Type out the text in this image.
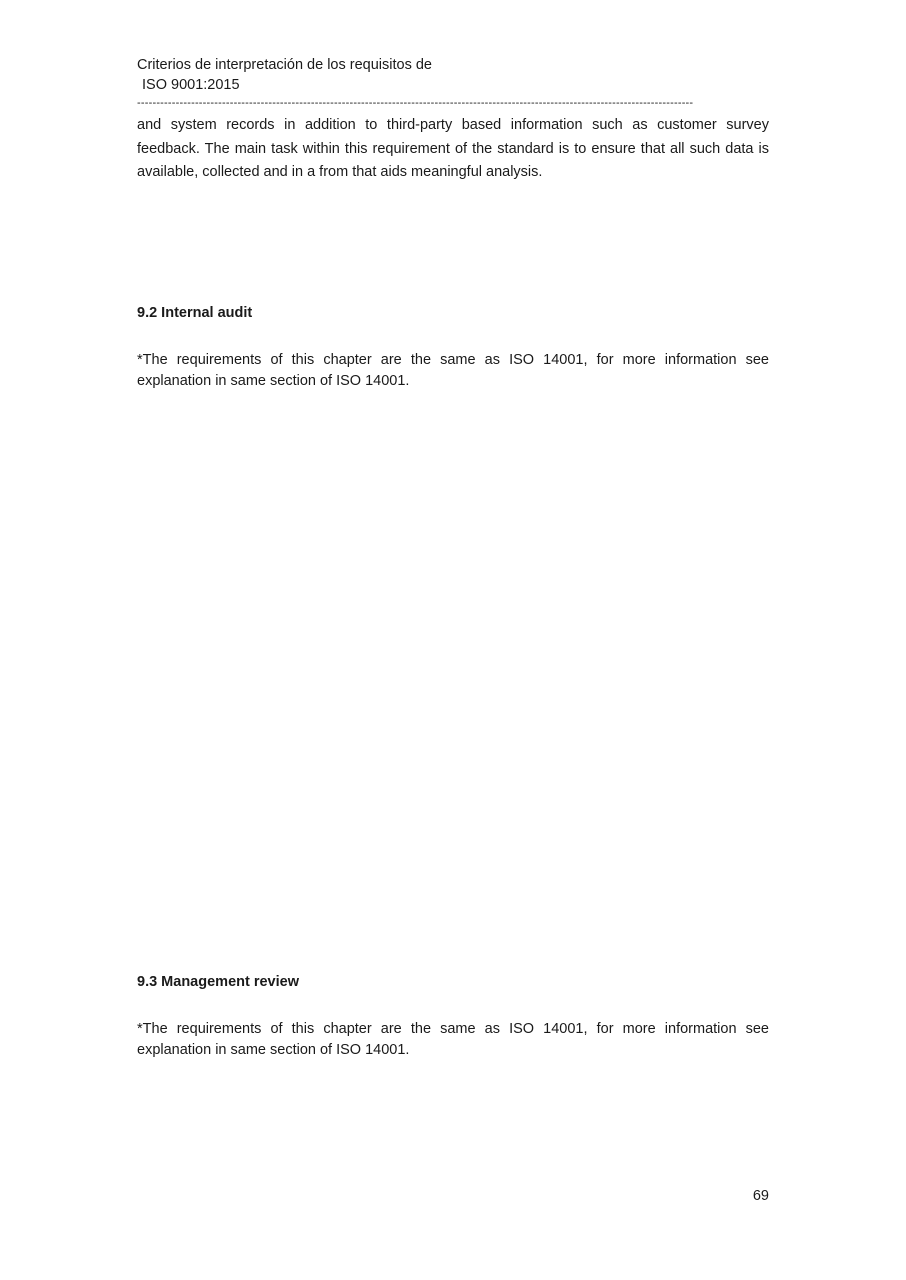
Criterios de interpretación de los requisitos de

ISO 9001:2015

------------------------------------------------------------------------------------------------------------------------------------------------

and system records in addition to third-party based information such as customer survey feedback. The main task within this requirement of the standard is to ensure that all such data is available, collected and in a from that aids meaningful analysis.

9.2 Internal audit

*The requirements of this chapter are the same as ISO 14001, for more information see explanation in same section of ISO 14001.

9.3 Management review

*The requirements of this chapter are the same as ISO 14001, for more information see explanation in same section of ISO 14001.

69
